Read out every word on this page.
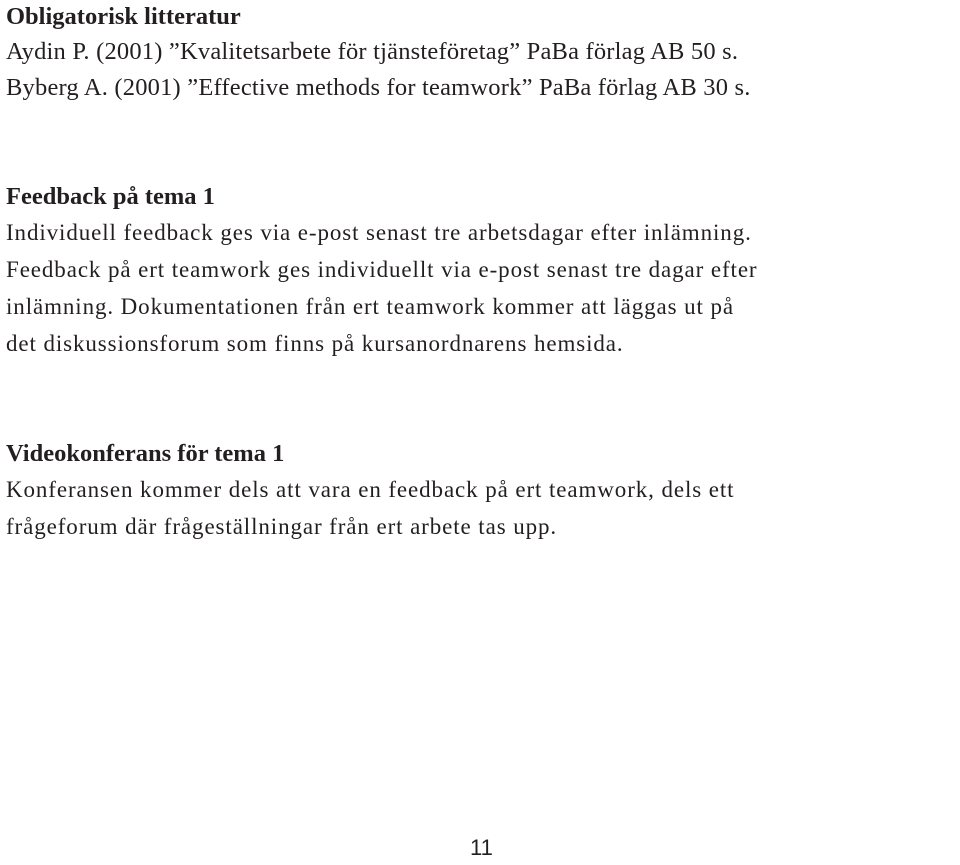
Obligatorisk litteratur

Aydin P. (2001) ”Kvalitetsarbete för tjänsteföretag” PaBa förlag AB 50 s.

Byberg A. (2001) ”Effective methods for teamwork” PaBa förlag AB 30 s.

Feedback på tema 1

Individuell feedback ges via e-post senast tre arbetsdagar efter inlämning.
Feedback på ert teamwork ges individuellt via e-post senast tre dagar efter
inlämning. Dokumentationen från ert teamwork kommer att läggas ut på
det diskussionsforum som finns på kursanordnarens hemsida.

Videokonferans för tema 1

Konferansen kommer dels att vara en feedback på ert teamwork, dels ett
frågeforum där frågeställningar från ert arbete tas upp.

11
